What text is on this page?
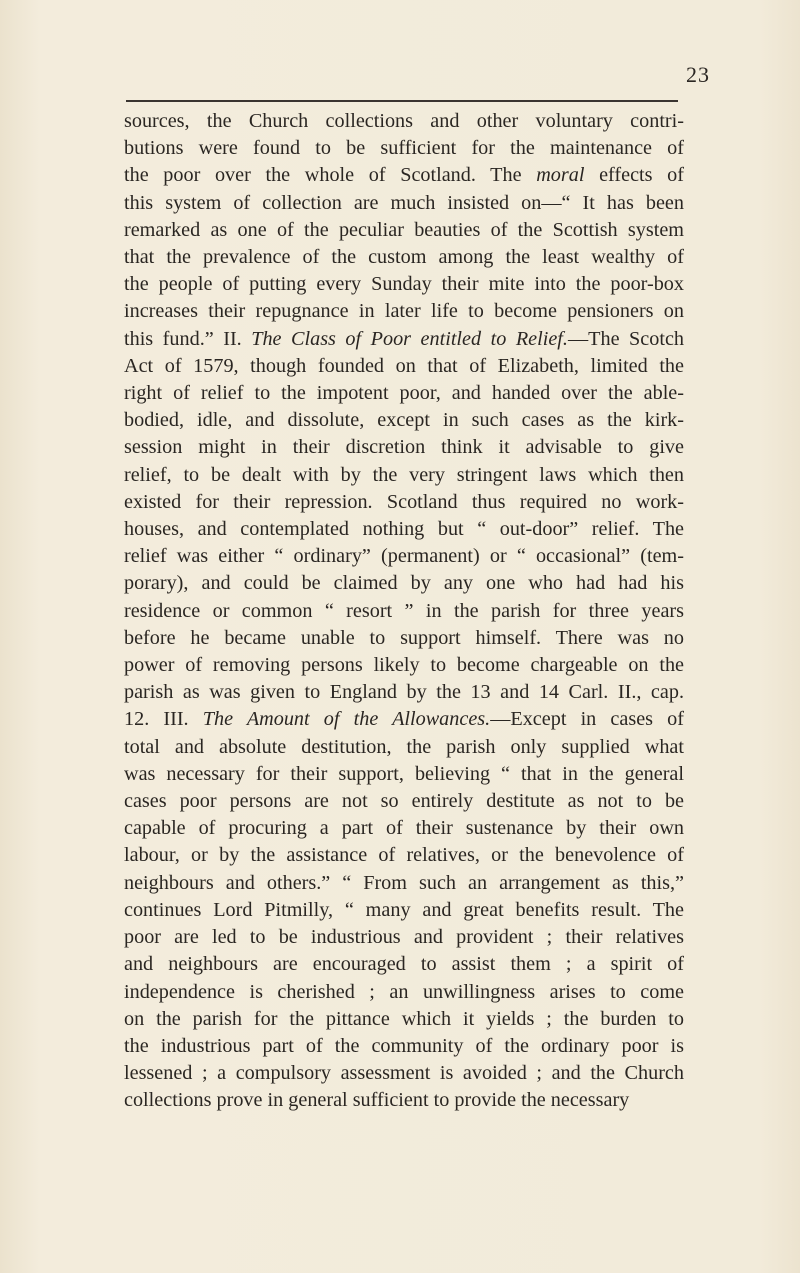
23
sources, the Church collections and other voluntary contri-
butions were found to be sufficient for the maintenance of
the poor over the whole of Scotland. The moral effects of
this system of collection are much insisted on—“ It has been
remarked as one of the peculiar beauties of the Scottish system
that the prevalence of the custom among the least wealthy of
the people of putting every Sunday their mite into the poor-box
increases their repugnance in later life to become pensioners on
this fund.” II. The Class of Poor entitled to Relief.—The Scotch
Act of 1579, though founded on that of Elizabeth, limited the
right of relief to the impotent poor, and handed over the able-
bodied, idle, and dissolute, except in such cases as the kirk-
session might in their discretion think it advisable to give
relief, to be dealt with by the very stringent laws which then
existed for their repression. Scotland thus required no work-
houses, and contemplated nothing but “ out-door” relief. The
relief was either “ ordinary” (permanent) or “ occasional” (tem-
porary), and could be claimed by any one who had had his
residence or common “ resort ” in the parish for three years
before he became unable to support himself. There was no
power of removing persons likely to become chargeable on the
parish as was given to England by the 13 and 14 Carl. II., cap.
12. III. The Amount of the Allowances.—Except in cases of
total and absolute destitution, the parish only supplied what
was necessary for their support, believing “ that in the general
cases poor persons are not so entirely destitute as not to be
capable of procuring a part of their sustenance by their own
labour, or by the assistance of relatives, or the benevolence of
neighbours and others.” “ From such an arrangement as this,”
continues Lord Pitmilly, “ many and great benefits result. The
poor are led to be industrious and provident ; their relatives
and neighbours are encouraged to assist them ; a spirit of
independence is cherished ; an unwillingness arises to come
on the parish for the pittance which it yields ; the burden to
the industrious part of the community of the ordinary poor is
lessened ; a compulsory assessment is avoided ; and the Church
collections prove in general sufficient to provide the necessary
